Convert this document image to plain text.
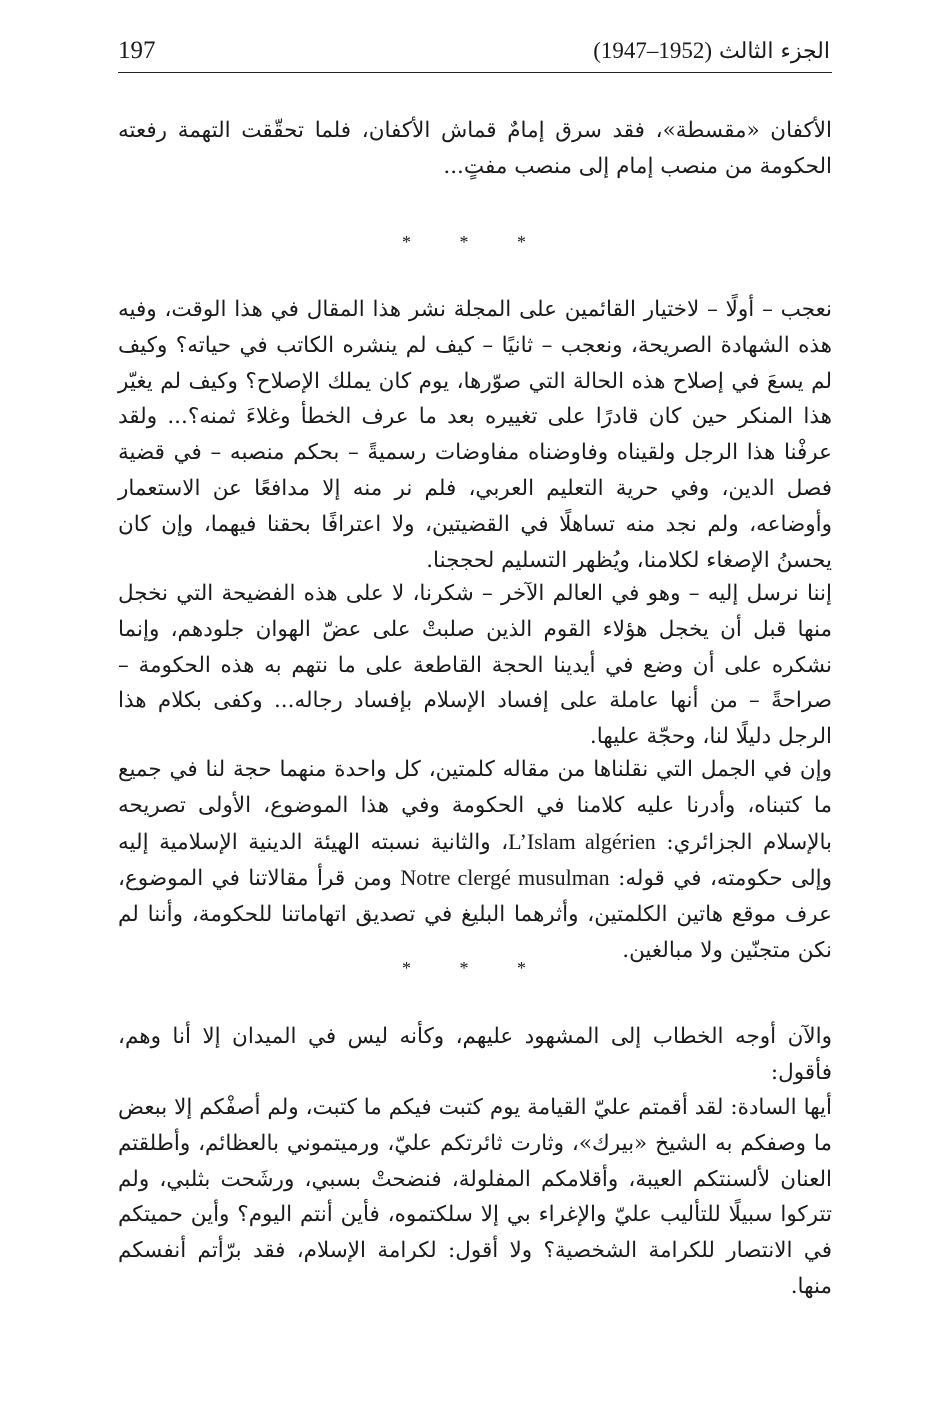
197	الجزء الثالث (1947–1952)

الأكفان «مقسطة»، فقد سرق إمامٌ قماش الأكفان، فلما تحقّقت التهمة رفعته الحكومة من منصب إمام إلى منصب مفتٍ...

* * *

نعجب – أولًا – لاختيار القائمين على المجلة نشر هذا المقال في هذا الوقت، وفيه هذه الشهادة الصريحة، ونعجب – ثانيًا – كيف لم ينشره الكاتب في حياته؟ وكيف لم يسعَ في إصلاح هذه الحالة التي صوّرها، يوم كان يملك الإصلاح؟ وكيف لم يغيّر هذا المنكر حين كان قادرًا على تغييره بعد ما عرف الخطأ وغلاءَ ثمنه؟... ولقد عرفْنا هذا الرجل ولقيناه وفاوضناه مفاوضات رسميةً – بحكم منصبه – في قضية فصل الدين، وفي حرية التعليم العربي، فلم نر منه إلا مدافعًا عن الاستعمار وأوضاعه، ولم نجد منه تساهلًا في القضيتين، ولا اعترافًا بحقنا فيهما، وإن كان يحسنُ الإصغاء لكلامنا، ويُظهر التسليم لحججنا.

إننا نرسل إليه – وهو في العالم الآخر – شكرنا، لا على هذه الفضيحة التي نخجل منها قبل أن يخجل هؤلاء القوم الذين صلبتْ على عضّ الهوان جلودهم، وإنما نشكره على أن وضع في أيدينا الحجة القاطعة على ما نتهم به هذه الحكومة – صراحةً – من أنها عاملة على إفساد الإسلام بإفساد رجاله... وكفى بكلام هذا الرجل دليلًا لنا، وحجّة عليها.

وإن في الجمل التي نقلناها من مقاله كلمتين، كل واحدة منهما حجة لنا في جميع ما كتبناه، وأدرنا عليه كلامنا في الحكومة وفي هذا الموضوع، الأولى تصريحه بالإسلام الجزائري: L’Islam algérien، والثانية نسبته الهيئة الدينية الإسلامية إليه وإلى حكومته، في قوله: Notre clergé musulman ومن قرأ مقالاتنا في الموضوع، عرف موقع هاتين الكلمتين، وأثرهما البليغ في تصديق اتهاماتنا للحكومة، وأننا لم نكن متجنّين ولا مبالغين.

* * *

والآن أوجه الخطاب إلى المشهود عليهم، وكأنه ليس في الميدان إلا أنا وهم، فأقول:

أيها السادة: لقد أقمتم عليّ القيامة يوم كتبت فيكم ما كتبت، ولم أصفْكم إلا ببعض ما وصفكم به الشيخ «بيرك»، وثارت ثائرتكم عليّ، ورميتموني بالعظائم، وأطلقتم العنان لألسنتكم العيبة، وأقلامكم المفلولة، فنضحتْ بسبي، ورشَحت بثلبي، ولم تتركوا سبيلًا للتأليب عليّ والإغراء بي إلا سلكتموه، فأين أنتم اليوم؟ وأين حميتكم في الانتصار للكرامة الشخصية؟ ولا أقول: لكرامة الإسلام، فقد برّأتم أنفسكم منها.
